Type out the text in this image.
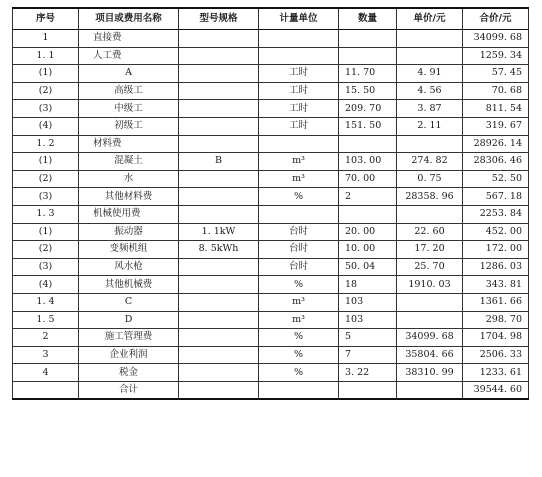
序号	项目或费用名称	型号规格	计量单位	数量	单价/元	合价/元
1	直接费					34099. 68
1. 1	人工费					1259. 34
(1)	A		工时	11. 70	4. 91	57. 45
(2)	高级工		工时	15. 50	4. 56	70. 68
(3)	中级工		工时	209. 70	3. 87	811. 54
(4)	初级工		工时	151. 50	2. 11	319. 67
1. 2	材料费					28926. 14
(1)	混凝土	B	m³	103. 00	274. 82	28306. 46
(2)	水		m³	70. 00	0. 75	52. 50
(3)	其他材料费		%	2	28358. 96	567. 18
1. 3	机械使用费					2253. 84
(1)	振动器	1. 1kW	台时	20. 00	22. 60	452. 00
(2)	变频机组	8. 5kWh	台时	10. 00	17. 20	172. 00
(3)	风水枪		台时	50. 04	25. 70	1286. 03
(4)	其他机械费		%	18	1910. 03	343. 81
1. 4	C		m³	103		1361. 66
1. 5	D		m³	103		298. 70
2	施工管理费		%	5	34099. 68	1704. 98
3	企业利润		%	7	35804. 66	2506. 33
4	税金		%	3. 22	38310. 99	1233. 61
	合计					39544. 60
